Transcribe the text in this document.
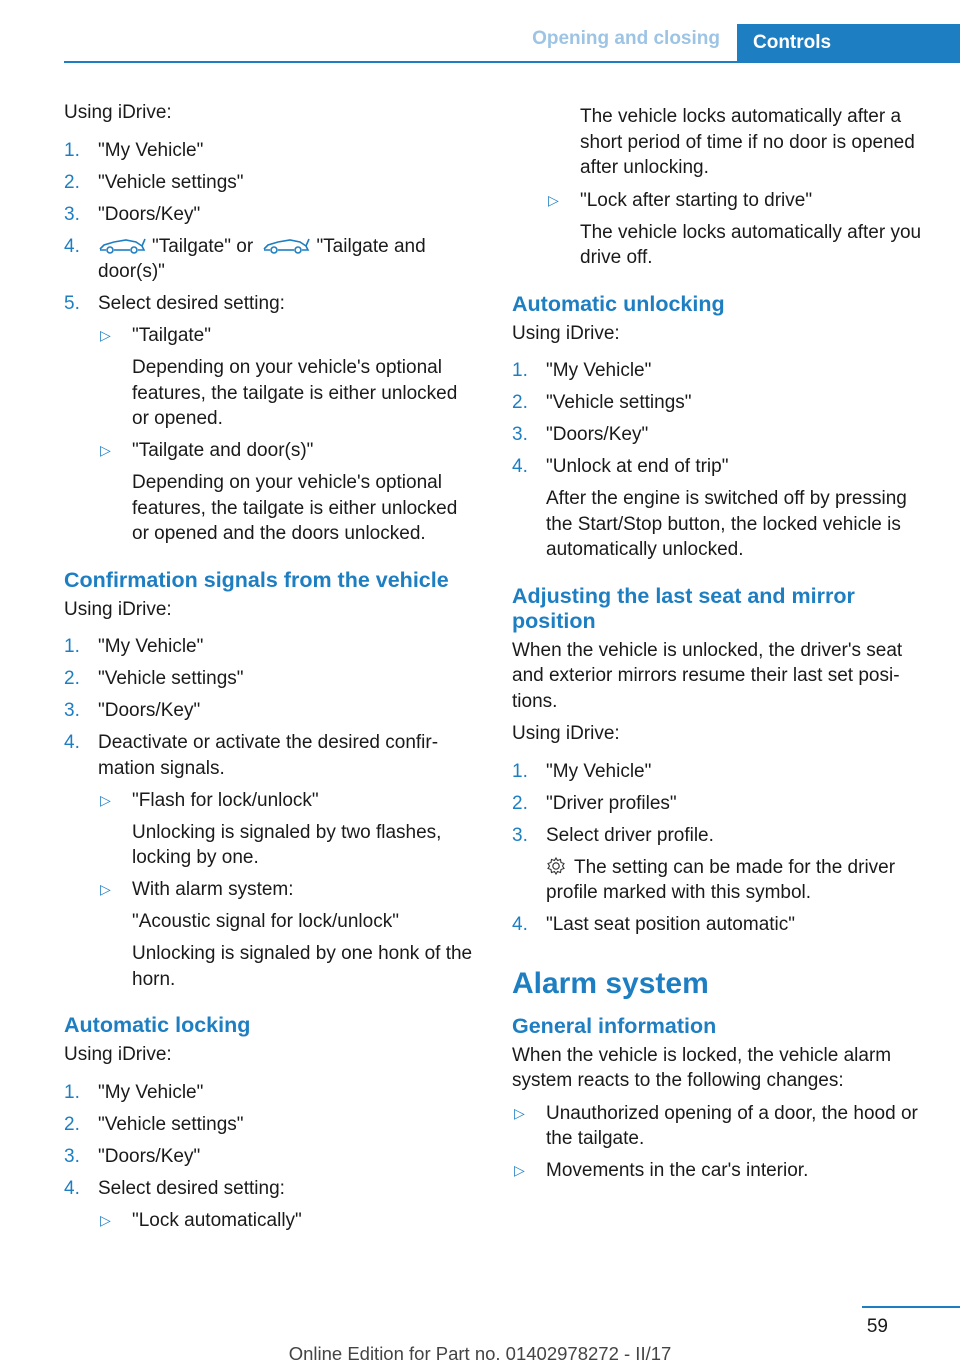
Opening and closing	Controls

Using iDrive:

1. "My Vehicle"
2. "Vehicle settings"
3. "Doors/Key"
4.	"Tailgate" or	"Tailgate and door(s)"
5. Select desired setting:
▷ "Tailgate"
Depending on your vehicle's optional features, the tailgate is either unlocked or opened.
▷ "Tailgate and door(s)"
Depending on your vehicle's optional features, the tailgate is either unlocked or opened and the doors unlocked.
Confirmation signals from the vehicle

Using iDrive:

1. "My Vehicle"
2. "Vehicle settings"
3. "Doors/Key"
4. Deactivate or activate the desired confir-mation signals.
▷ "Flash for lock/unlock"
Unlocking is signaled by two flashes, locking by one.
▷ With alarm system:
"Acoustic signal for lock/unlock"
Unlocking is signaled by one honk of the horn.
Automatic locking

Using iDrive:

1. "My Vehicle"
2. "Vehicle settings"
3. "Doors/Key"
4. Select desired setting:
▷ "Lock automatically"
The vehicle locks automatically after a short period of time if no door is opened after unlocking.
▷ "Lock after starting to drive"
The vehicle locks automatically after you drive off.
Automatic unlocking

Using iDrive:

1. "My Vehicle"
2. "Vehicle settings"
3. "Doors/Key"
4. "Unlock at end of trip"
After the engine is switched off by pressing the Start/Stop button, the locked vehicle is automatically unlocked.
Adjusting the last seat and mirror position

When the vehicle is unlocked, the driver's seat and exterior mirrors resume their last set posi-tions.

Using iDrive:

1. "My Vehicle"
2. "Driver profiles"
3. Select driver profile.
The setting can be made for the driver profile marked with this symbol.
4. "Last seat position automatic"
Alarm system
General information

When the vehicle is locked, the vehicle alarm system reacts to the following changes:

▷ Unauthorized opening of a door, the hood or the tailgate.
▷ Movements in the car's interior.
59
Online Edition for Part no. 01402978272 - II/17
